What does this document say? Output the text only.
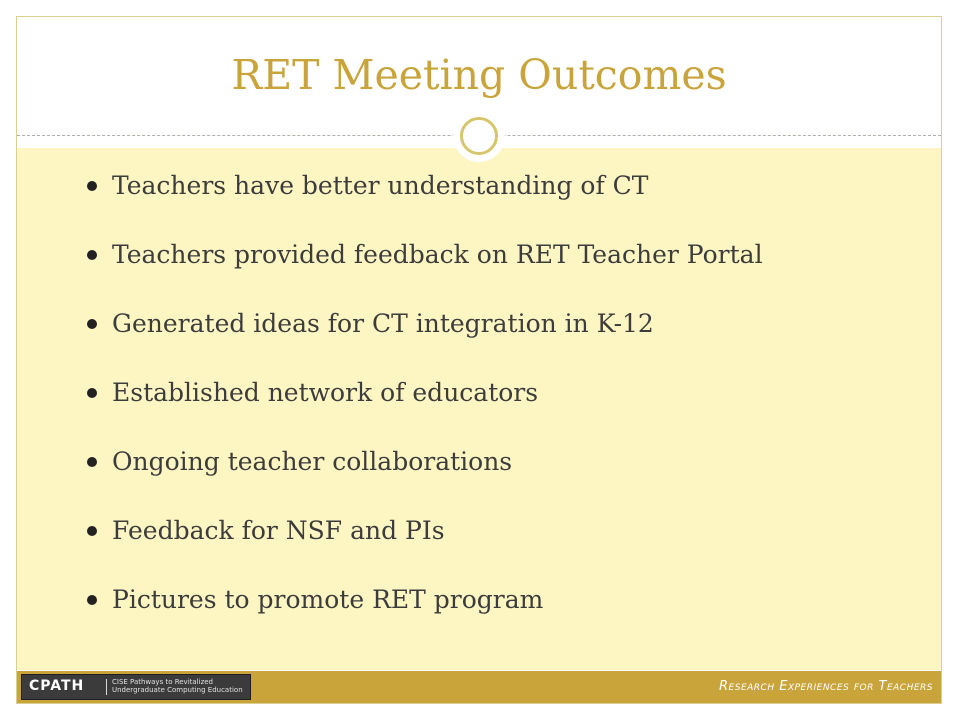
RET Meeting Outcomes
Teachers have better understanding of CT
Teachers provided feedback on RET Teacher Portal
Generated ideas for CT integration in K-12
Established network of educators
Ongoing teacher collaborations
Feedback for NSF and PIs
Pictures to promote RET program
CPATH	CISE Pathways to Revitalized
Undergraduate Computing Education	Research Experiences for Teachers
